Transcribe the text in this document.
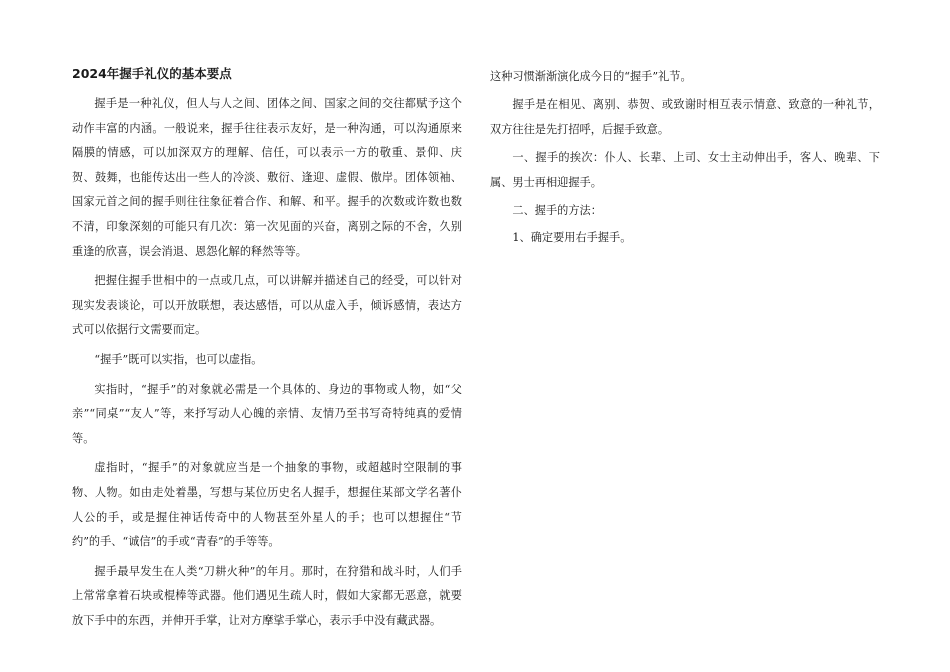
2024年握手礼仪的基本要点

握手是一种礼仪，但人与人之间、团体之间、国家之间的交往都赋予这个动作丰富的内涵。一般说来，握手往往表示友好，是一种沟通，可以沟通原来隔膜的情感，可以加深双方的理解、信任，可以表示一方的敬重、景仰、庆贺、鼓舞，也能传达出一些人的冷淡、敷衍、逢迎、虚假、傲岸。团体领袖、国家元首之间的握手则往往象征着合作、和解、和平。握手的次数或许数也数不清，印象深刻的可能只有几次：第一次见面的兴奋，离别之际的不舍，久别重逢的欣喜，误会消退、恩怨化解的释然等等。

把握住握手世相中的一点或几点，可以讲解并描述自己的经受，可以针对现实发表谈论，可以开放联想，表达感悟，可以从虚入手，倾诉感情，表达方式可以依据行文需要而定。

“握手”既可以实指，也可以虚指。

实指时，“握手”的对象就必需是一个具体的、身边的事物或人物，如“父亲”“同桌”“友人”等，来抒写动人心魄的亲情、友情乃至书写奇特纯真的爱情等。

虚指时，“握手”的对象就应当是一个抽象的事物，或超越时空限制的事物、人物。如由走处着墨，写想与某位历史名人握手，想握住某部文学名著仆人公的手，或是握住神话传奇中的人物甚至外星人的手；也可以想握住“节约”的手、“诚信”的手或“青春”的手等等。

握手最早发生在人类“刀耕火种”的年月。那时，在狩猎和战斗时，人们手上常常拿着石块或棍棒等武器。他们遇见生疏人时，假如大家都无恶意，就要放下手中的东西，并伸开手掌，让对方摩挲手掌心，表示手中没有藏武器。

这种习惯渐渐演化成今日的“握手”礼节。

握手是在相见、离别、恭贺、或致谢时相互表示情意、致意的一种礼节，双方往往是先打招呼，后握手致意。

一、握手的挨次：仆人、长辈、上司、女士主动伸出手，客人、晚辈、下属、男士再相迎握手。

二、握手的方法：

1、确定要用右手握手。
